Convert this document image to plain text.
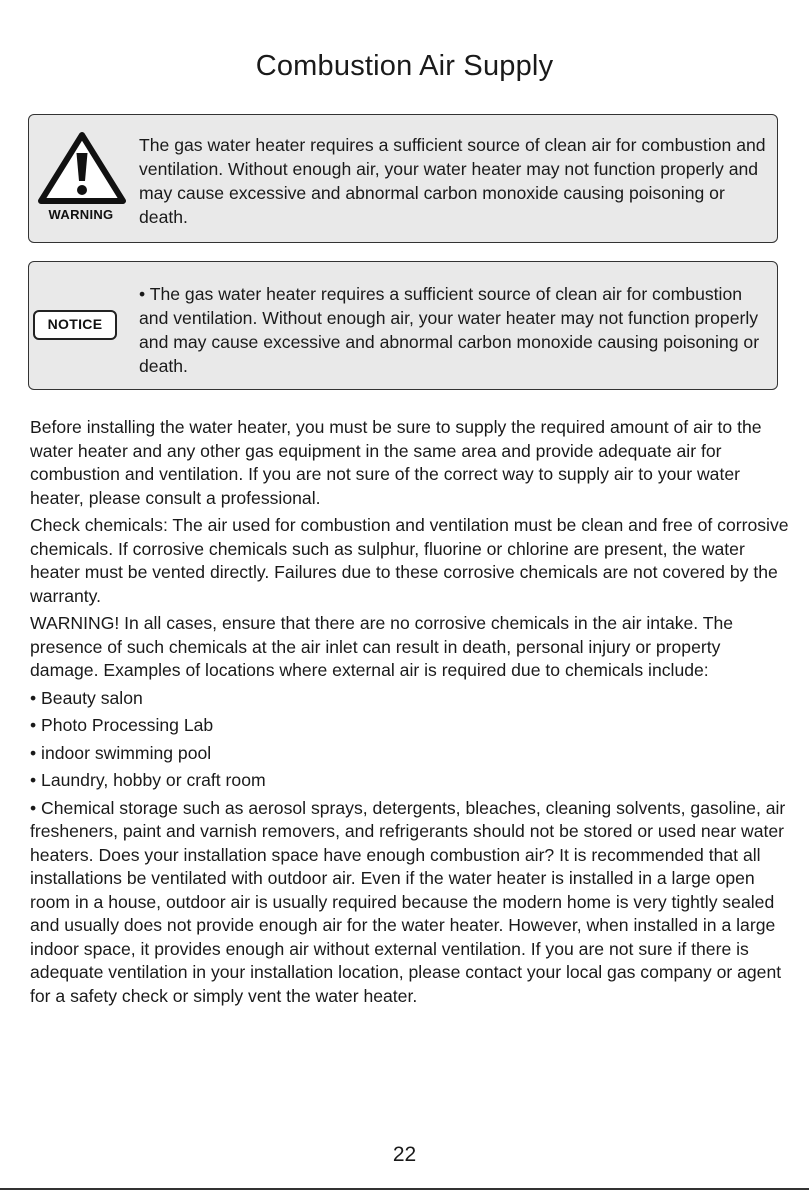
Combustion Air Supply
WARNING
The gas water heater requires a sufficient source of clean air for combustion and ventilation. Without enough air, your water heater may not function properly and may cause excessive and abnormal carbon monoxide causing poisoning or death.
NOTICE
• The gas water heater requires a sufficient source of clean air for combustion and ventilation. Without enough air, your water heater may not function properly and may cause excessive and abnormal carbon monoxide causing poisoning or death.

Before installing the water heater, you must be sure to supply the required amount of air to the water heater and any other gas equipment in the same area and provide adequate air for combustion and ventilation. If you are not sure of the correct way to supply air to your water heater, please consult a professional.

Check chemicals: The air used for combustion and ventilation must be clean and free of corrosive chemicals. If corrosive chemicals such as sulphur, fluorine or chlorine are present, the water heater must be vented directly. Failures due to these corrosive chemicals are not covered by the warranty.

WARNING! In all cases, ensure that there are no corrosive chemicals in the air intake. The presence of such chemicals at the air inlet can result in death, personal injury or property damage. Examples of locations where external air is required due to chemicals include:

• Beauty salon

• Photo Processing Lab

• indoor swimming pool

• Laundry, hobby or craft room

• Chemical storage such as aerosol sprays, detergents, bleaches, cleaning solvents, gasoline, air fresheners, paint and varnish removers, and refrigerants should not be stored or used near water heaters. Does your installation space have enough combustion air? It is recommended that all installations be ventilated with outdoor air. Even if the water heater is installed in a large open room in a house, outdoor air is usually required because the modern home is very tightly sealed and usually does not provide enough air for the water heater. However, when installed in a large indoor space, it provides enough air without external ventilation. If you are not sure if there is adequate ventilation in your installation location, please contact your local gas company or agent for a safety check or simply vent the water heater.

22
